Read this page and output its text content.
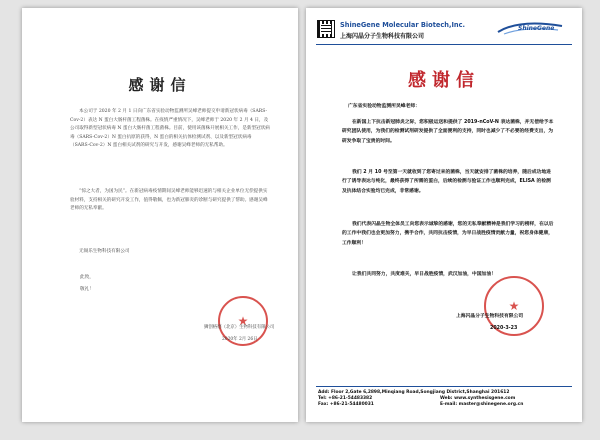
感谢信

本公司于 2020 年 2 月 1 日向广东省实验动物监测所吴峰老师提交申请新冠状病毒（SARS-Cov-2）表达 N 蛋白大肠杆菌工程菌株。在疫情严重情况下，吴峰老师于 2020 年 2 月 4 日，及公司取得新型冠状病毒 N 蛋白大肠杆菌工程菌株。目前，使用该菌株开展相关工作，是新型冠状病毒（SARS-Cov-2）N 蛋白抗原的获得，N 蛋白的相关抗体检测试剂、以及新型冠状病毒（SARS-Cov-2）N 蛋白相关试剂的研究与开发，感谢吴峰老师的无私帮助。

“惊之大者，为国为民”。在新冠病毒疫情期间吴峰老师能够迅速的与相关企业单位无偿提供实验材料，支持相关的研究开发工作，值得敬佩，也为新冠肺炎的诊断与研究提供了帮助。感谢吴峰老师的无私奉献。

无锡乐生物科技有限公司

此致，
敬礼！
★
狮创格德（北京）生物科技有限公司
2020年 2月 26日
ShineGene Molecular Biotech,Inc.
上海闪晶分子生物科技有限公司
ShineGene
感谢信
广东省实验动物监测所吴峰老师：

在新国上下抗击新冠肺炎之际，您积极运送和提供了 2019-nCoV-N 表达菌株，并无偿给予本研究团队使用，为我们的检测试剂研发提供了全面便利的支持，同时也减少了不必要的经费支出，为研发争取了宝贵的时间。

我们 2 月 10 号至第一天就收到了您寄过来的菌株，当天就安排了菌株的培养，随后成功地进行了诱导表达与纯化，最终获得了所需的蛋白，后续的检测与验证工作也顺利完成，ELISA 的检测及抗体结合实验均已完成，非常感谢。

我们代表闪晶生物全体员工向您表示诚挚的感谢，您的无私奉献精神是我们学习的榜样，在以后的工作中我们也会更加努力，携手合作，共同抗击疫情，为早日战胜疫情贡献力量，祝您身体健康，工作顺利！

让我们共同努力，共度难关，早日战胜疫情，武汉加油，中国加油！

★
上海闪晶分子生物科技有限公司
2020-3-23
Add: Floor 2,Gate 6,2898,Minqiang Road,Songjiang District,Shanghai 201612
Tel: +86-21-54483382	Web: www.synthesisgene.com
Fax: +86-21-54480031	E-mail: master@shinegene.org.cn
